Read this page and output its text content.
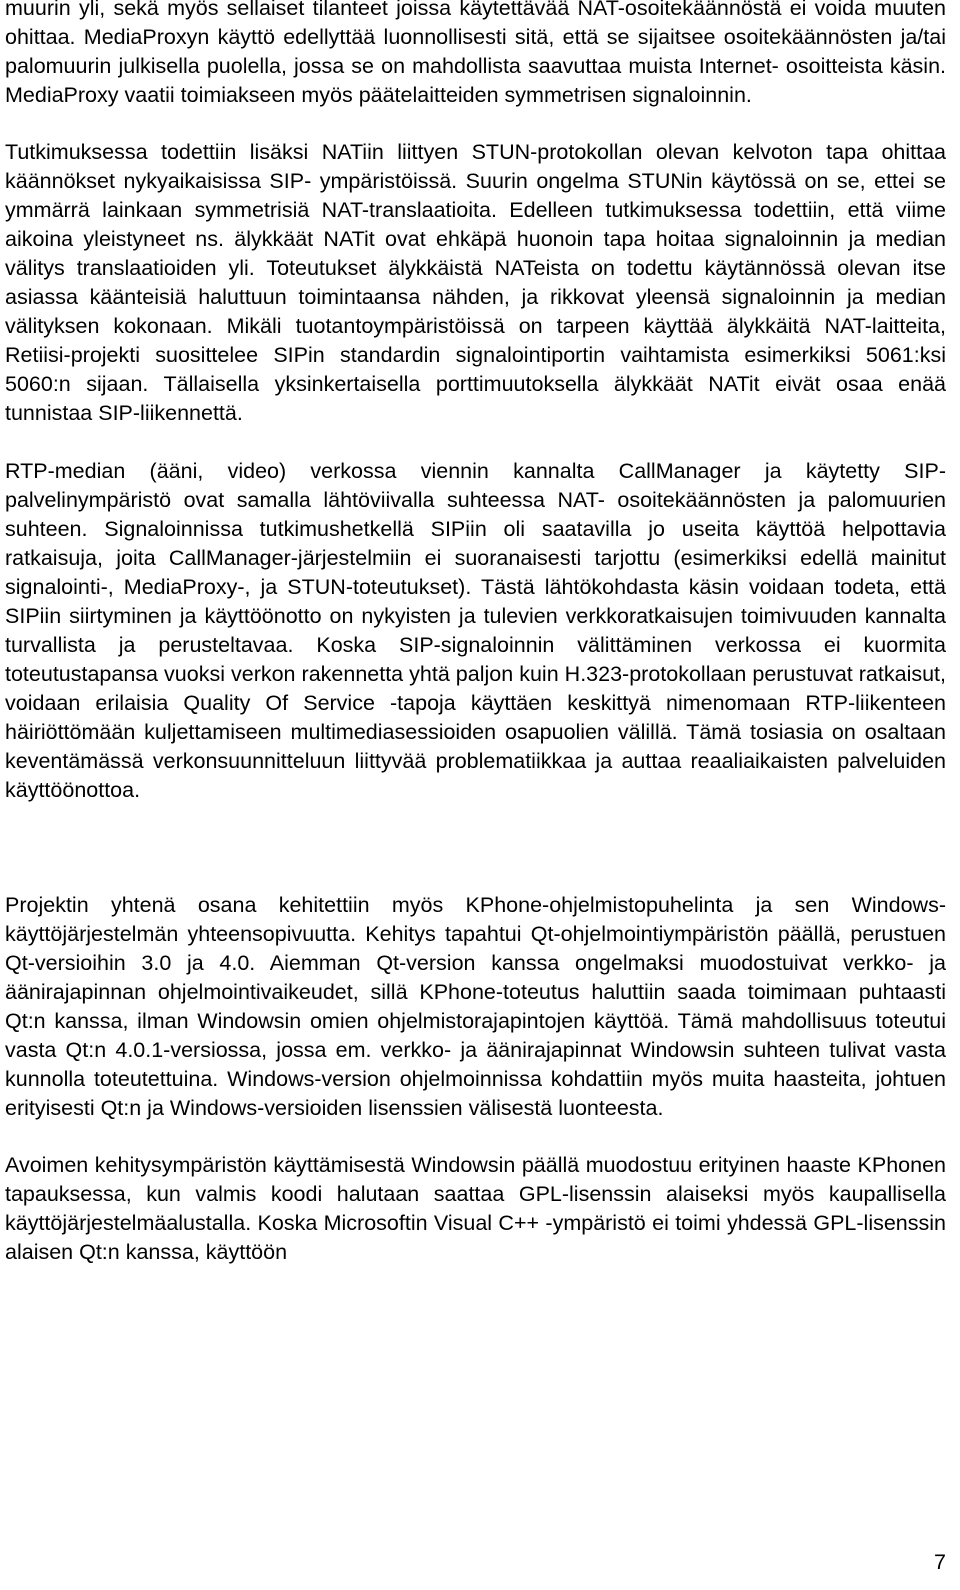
muurin yli, sekä myös sellaiset tilanteet joissa käytettävää NAT-osoitekäännöstä ei voida muuten ohittaa. MediaProxyn käyttö edellyttää luonnollisesti sitä, että se sijaitsee osoitekäännösten ja/tai palomuurin julkisella puolella, jossa se on mahdollista saavuttaa muista Internet- osoitteista käsin. MediaProxy vaatii toimiakseen myös päätelaitteiden symmetrisen signaloinnin.

Tutkimuksessa todettiin lisäksi NATiin liittyen STUN-protokollan olevan kelvoton tapa ohittaa käännökset nykyaikaisissa SIP- ympäristöissä. Suurin ongelma STUNin käytössä on se, ettei se ymmärrä lainkaan symmetrisiä NAT-translaatioita. Edelleen tutkimuksessa todettiin, että viime aikoina yleistyneet ns. älykkäät NATit ovat ehkäpä huonoin tapa hoitaa signaloinnin ja median välitys translaatioiden yli. Toteutukset älykkäistä NATeista on todettu käytännössä olevan itse asiassa käänteisiä haluttuun toimintaansa nähden, ja rikkovat yleensä signaloinnin ja median välityksen kokonaan. Mikäli tuotantoympäristöissä on tarpeen käyttää älykkäitä NAT-laitteita, Retiisi-projekti suosittelee SIPin standardin signalointiportin vaihtamista esimerkiksi 5061:ksi 5060:n sijaan. Tällaisella yksinkertaisella porttimuutoksella älykkäät NATit eivät osaa enää tunnistaa SIP-liikennettä.

RTP-median (ääni, video) verkossa viennin kannalta CallManager ja käytetty SIP-palvelinympäristö ovat samalla lähtöviivalla suhteessa NAT- osoitekäännösten ja palomuurien suhteen. Signaloinnissa tutkimushetkellä SIPiin oli saatavilla jo useita käyttöä helpottavia ratkaisuja, joita CallManager-järjestelmiin ei suoranaisesti tarjottu (esimerkiksi edellä mainitut signalointi-, MediaProxy-, ja STUN-toteutukset). Tästä lähtökohdasta käsin voidaan todeta, että SIPiin siirtyminen ja käyttöönotto on nykyisten ja tulevien verkkoratkaisujen toimivuuden kannalta turvallista ja perusteltavaa. Koska SIP-signaloinnin välittäminen verkossa ei kuormita toteutustapansa vuoksi verkon rakennetta yhtä paljon kuin H.323-protokollaan perustuvat ratkaisut, voidaan erilaisia Quality Of Service -tapoja käyttäen keskittyä nimenomaan RTP-liikenteen häiriöttömään kuljettamiseen multimediasessioiden osapuolien välillä. Tämä tosiasia on osaltaan keventämässä verkonsuunnitteluun liittyvää problematiikkaa ja auttaa reaaliaikaisten palveluiden käyttöönottoa.

Projektin yhtenä osana kehitettiin myös KPhone-ohjelmistopuhelinta ja sen Windows-käyttöjärjestelmän yhteensopivuutta. Kehitys tapahtui Qt-ohjelmointiympäristön päällä, perustuen Qt-versioihin 3.0 ja 4.0. Aiemman Qt-version kanssa ongelmaksi muodostuivat verkko- ja äänirajapinnan ohjelmointivaikeudet, sillä KPhone-toteutus haluttiin saada toimimaan puhtaasti Qt:n kanssa, ilman Windowsin omien ohjelmistorajapintojen käyttöä. Tämä mahdollisuus toteutui vasta Qt:n 4.0.1-versiossa, jossa em. verkko- ja äänirajapinnat Windowsin suhteen tulivat vasta kunnolla toteutettuina. Windows-version ohjelmoinnissa kohdattiin myös muita haasteita, johtuen erityisesti Qt:n ja Windows-versioiden lisenssien välisestä luonteesta.

Avoimen kehitysympäristön käyttämisestä Windowsin päällä muodostuu erityinen haaste KPhonen tapauksessa, kun valmis koodi halutaan saattaa GPL-lisenssin alaiseksi myös kaupallisella käyttöjärjestelmäalustalla. Koska Microsoftin Visual C++ -ympäristö ei toimi yhdessä GPL-lisenssin alaisen Qt:n kanssa, käyttöön

7
